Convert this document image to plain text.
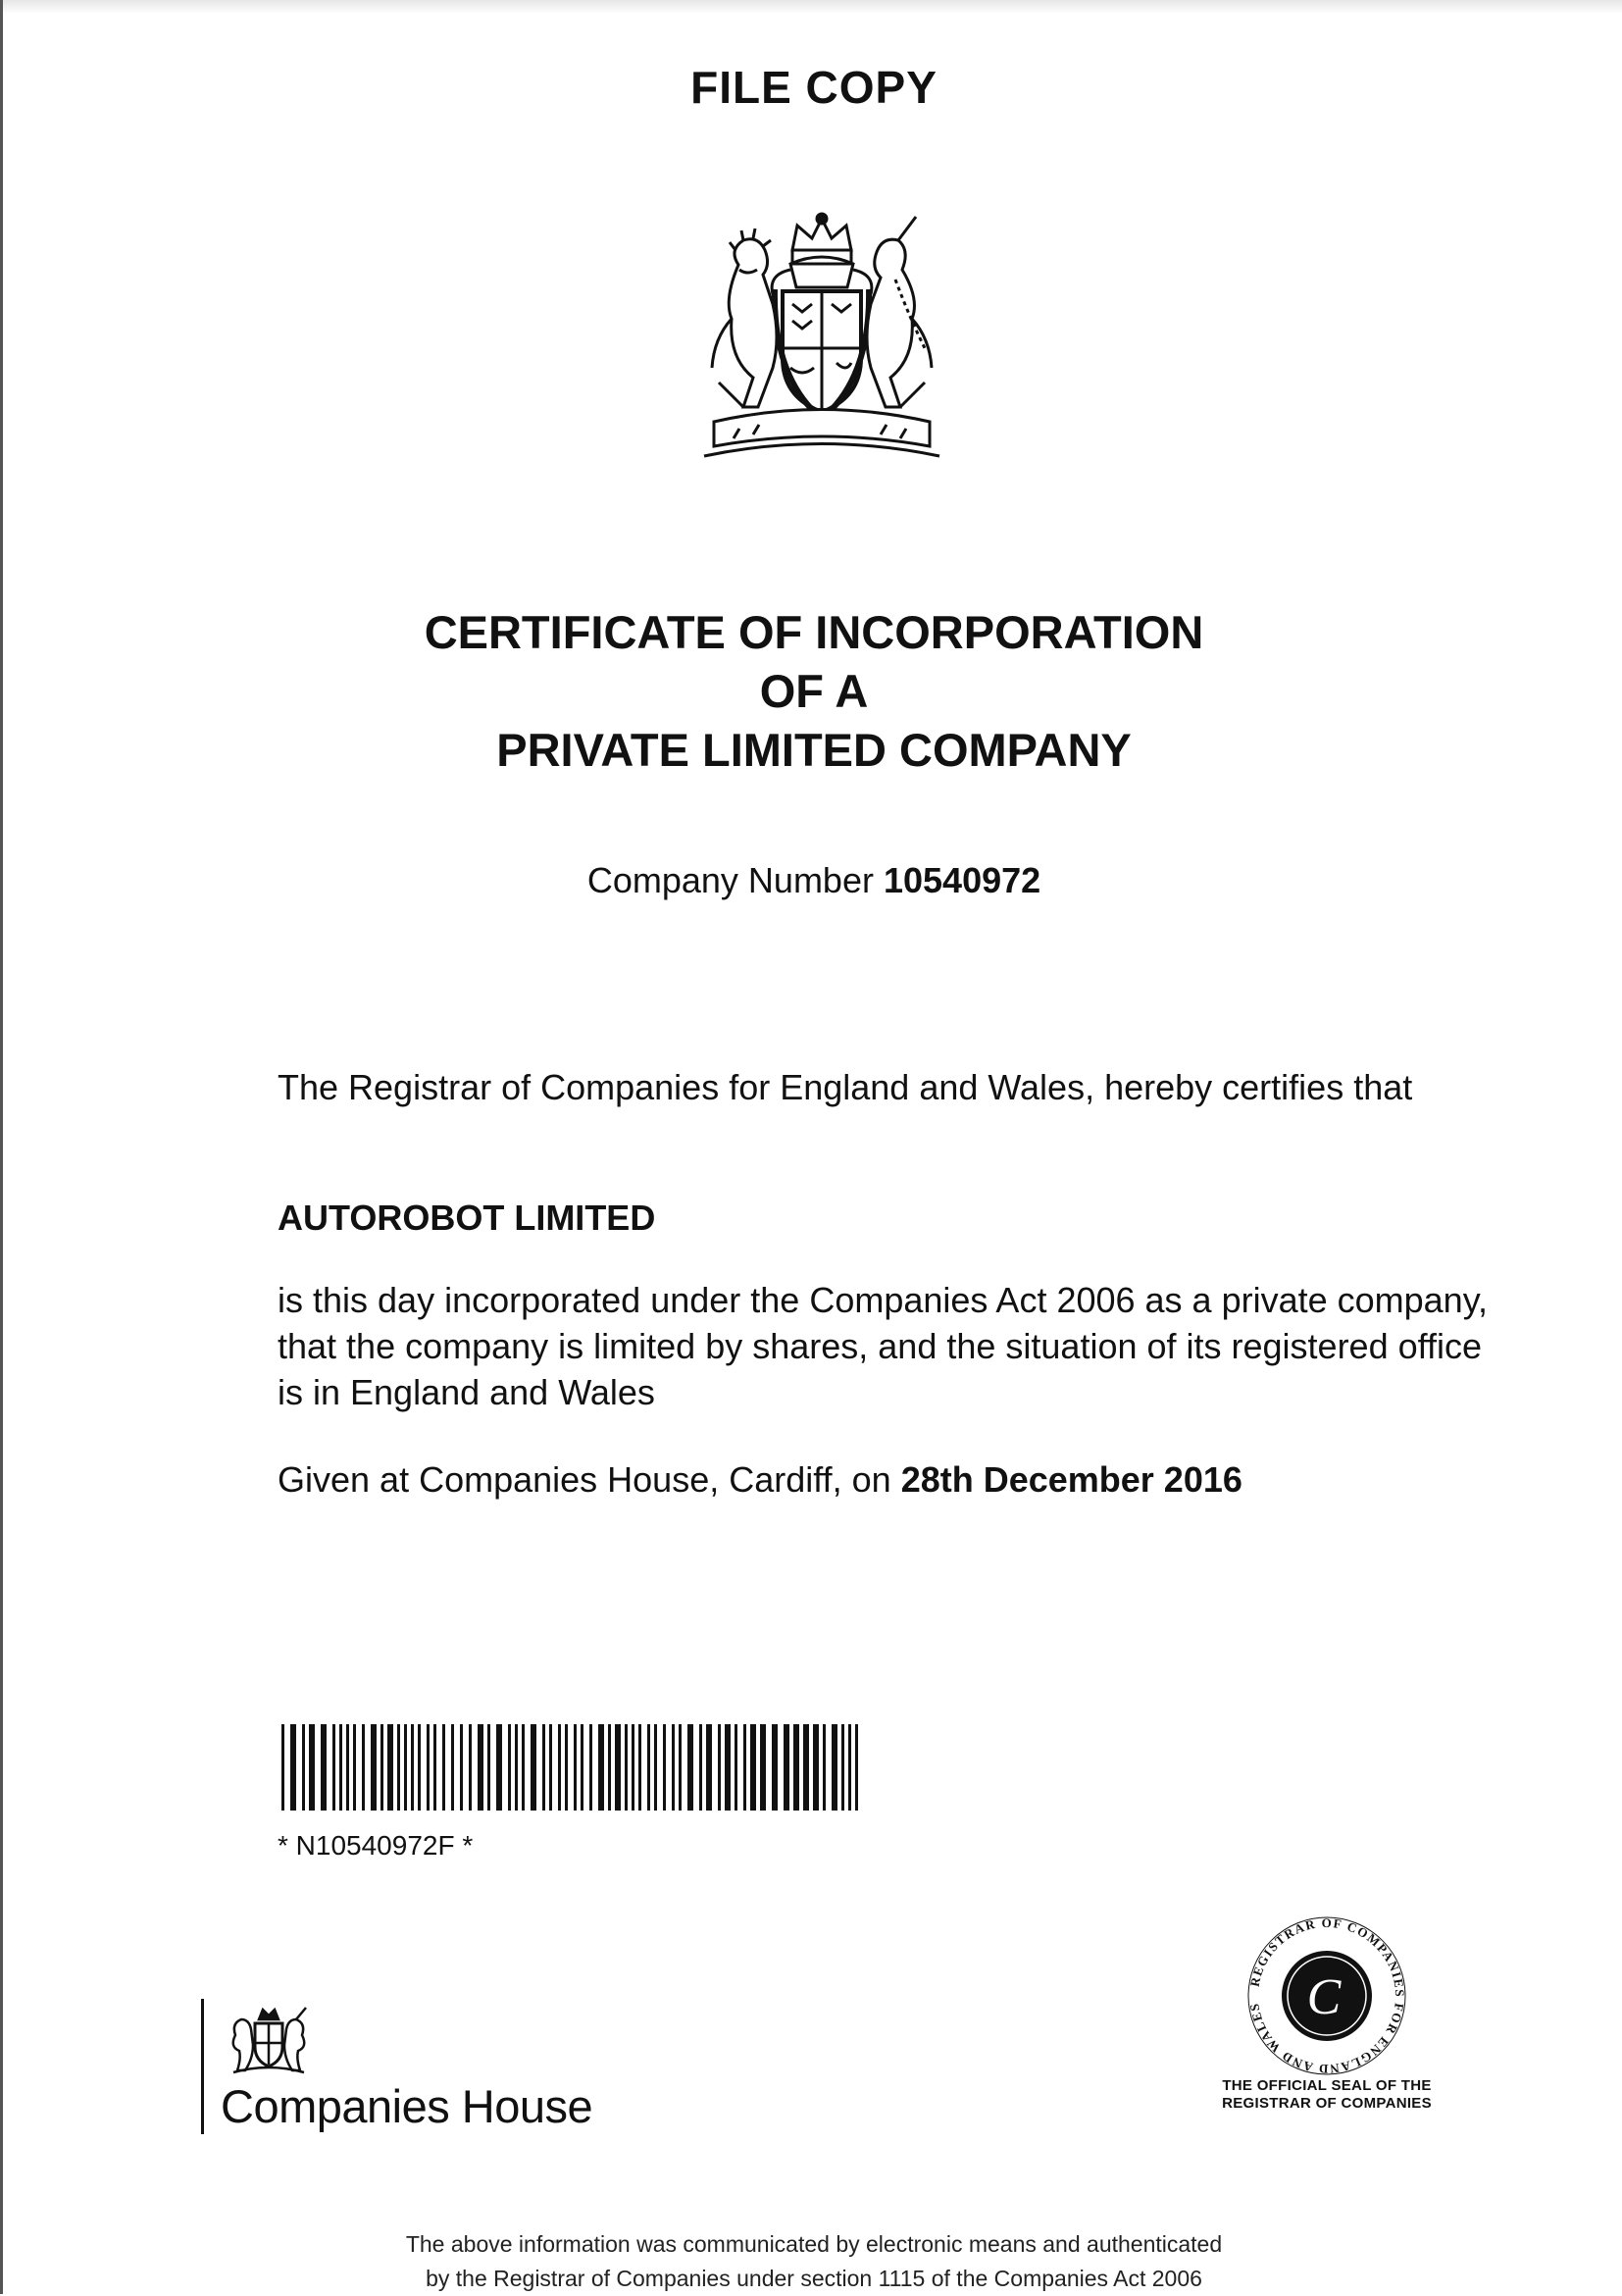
FILE COPY
CERTIFICATE OF INCORPORATION
OF A
PRIVATE LIMITED COMPANY
Company Number 10540972
The Registrar of Companies for England and Wales, hereby certifies that
AUTOROBOT LIMITED
is this day incorporated under the Companies Act 2006 as a private company, that the company is limited by shares, and the situation of its registered office is in England and Wales
Given at Companies House, Cardiff, on 28th December 2016
* N10540972F *
Companies House
REGISTRAR OF COMPANIES FOR ENGLAND AND WALES C
THE OFFICIAL SEAL OF THE
REGISTRAR OF COMPANIES
The above information was communicated by electronic means and authenticated
by the Registrar of Companies under section 1115 of the Companies Act 2006
